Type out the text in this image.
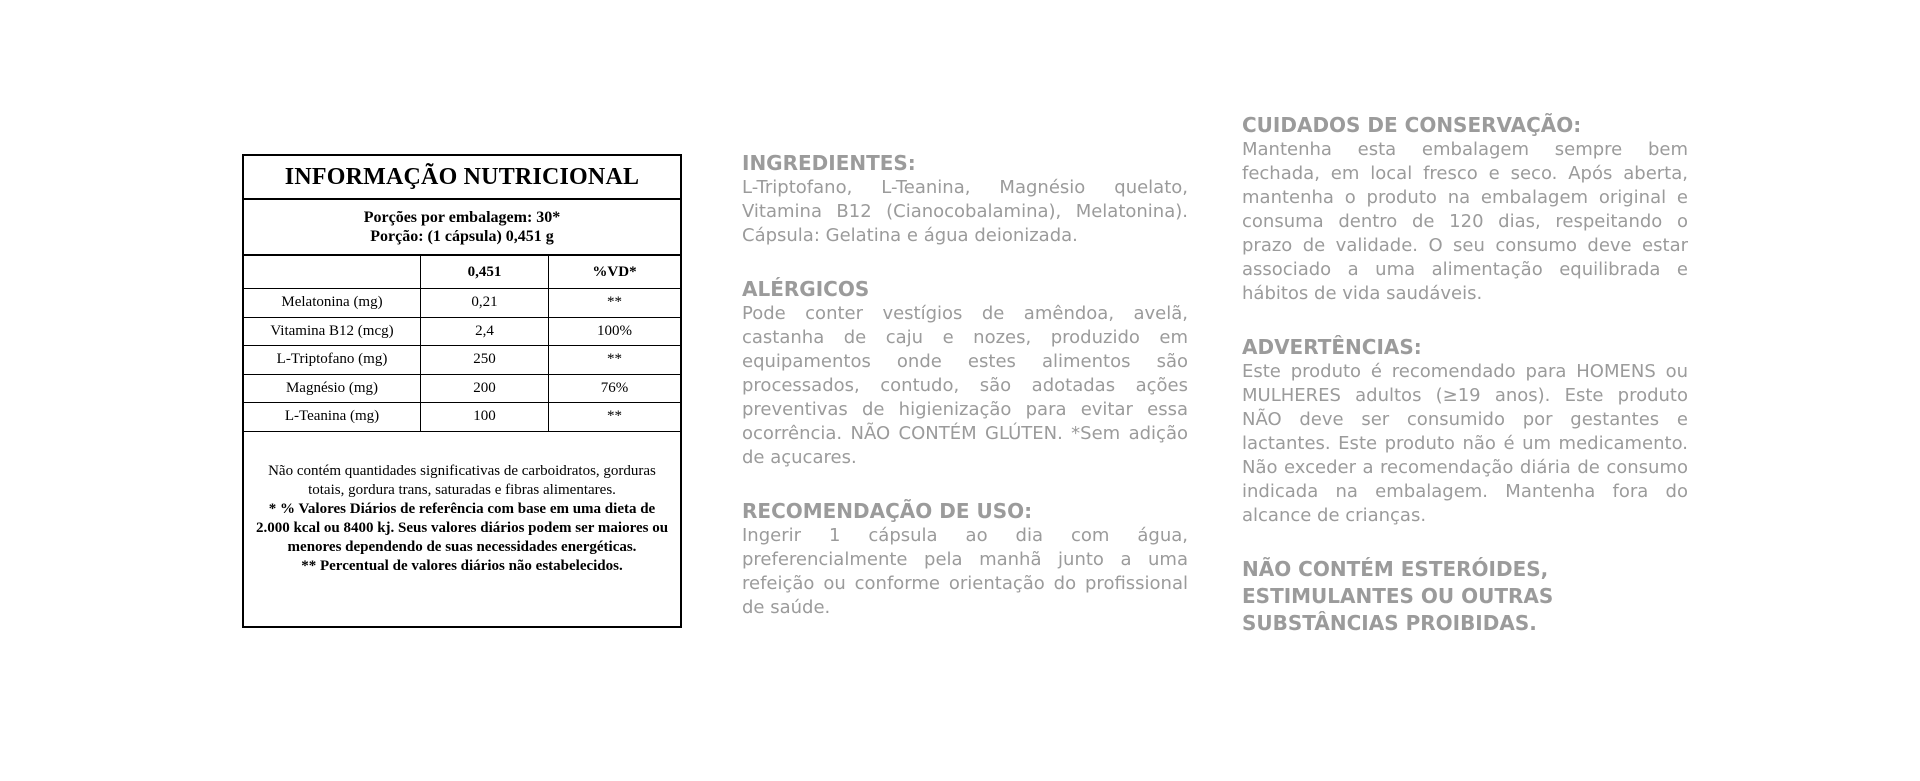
INFORMAÇÃO NUTRICIONAL
Porções por embalagem: 30*
Porção: (1 cápsula) 0,451 g
	0,451	%VD*
Melatonina (mg)	0,21	**
Vitamina B12 (mcg)	2,4	100%
L-Triptofano (mg)	250	**
Magnésio (mg)	200	76%
L-Teanina (mg)	100	**
Não contém quantidades significativas de carboidratos, gorduras totais, gordura trans, saturadas e fibras alimentares.
* % Valores Diários de referência com base em uma dieta de 2.000 kcal ou 8400 kj. Seus valores diários podem ser maiores ou menores dependendo de suas necessidades energéticas.
** Percentual de valores diários não estabelecidos.
INGREDIENTES:

L-Triptofano, L-Teanina, Magnésio quelato, Vitamina B12 (Cianocobalamina), Melatonina). Cápsula: Gelatina e água deionizada.

ALÉRGICOS

Pode conter vestígios de amêndoa, avelã, castanha de caju e nozes, produzido em equipamentos onde estes alimentos são processados, contudo, são adotadas ações preventivas de higienização para evitar essa ocorrência. NÃO CONTÉM GLÚTEN. *Sem adição de açucares.

RECOMENDAÇÃO DE USO:

Ingerir 1 cápsula ao dia com água, preferencialmente pela manhã junto a uma refeição ou conforme orientação do profissional de saúde.

CUIDADOS DE CONSERVAÇÃO:

Mantenha esta embalagem sempre bem fechada, em local fresco e seco. Após aberta, mantenha o produto na embalagem original e consuma dentro de 120 dias, respeitando o prazo de validade. O seu consumo deve estar associado a uma alimentação equilibrada e hábitos de vida saudáveis.

ADVERTÊNCIAS:

Este produto é recomendado para HOMENS ou MULHERES adultos (≥19 anos). Este produto NÃO deve ser consumido por gestantes e lactantes. Este produto não é um medicamento. Não exceder a recomendação diária de consumo indicada na embalagem. Mantenha fora do alcance de crianças.

NÃO CONTÉM ESTERÓIDES,
ESTIMULANTES OU OUTRAS
SUBSTÂNCIAS PROIBIDAS.
